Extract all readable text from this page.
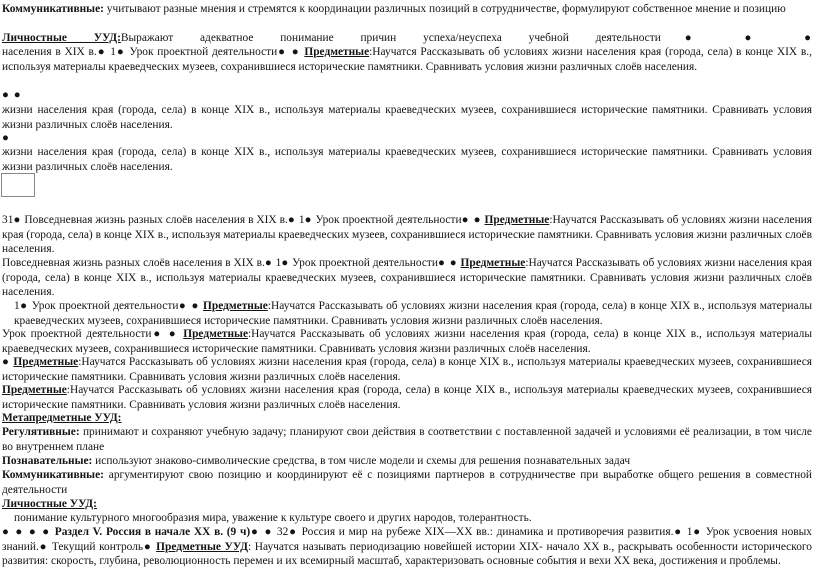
Коммуникативные: учитывают разные мнения и стремятся к координации различных позиций в сотрудничестве, формулируют собственное мнение и позицию

Личностные УУД:Выражают адекватное понимание причин успеха/неуспеха учебной деятельности● ● ●

населения в XIX в.● 1● Урок проектной деятельности● ● Предметные:Научатся Рассказывать об условиях жизни населения края (города, села) в конце XIX в., используя материалы краеведческих музеев, сохранившиеся исторические памятники. Сравнивать условия жизни различных слоёв населения.

● ●

жизни населения края (города, села) в конце XIX в., используя материалы краеведческих музеев, сохранившиеся исторические памятники. Сравнивать условия жизни различных слоёв населения.

●

жизни населения края (города, села) в конце XIX в., используя материалы краеведческих музеев, сохранившиеся исторические памятники. Сравнивать условия жизни различных слоёв населения.

31● Повседневная жизнь разных слоёв населения в XIX в.● 1● Урок проектной деятельности● ● Предметные:Научатся Рассказывать об условиях жизни населения края (города, села) в конце XIX в., используя материалы краеведческих музеев, сохранившиеся исторические памятники. Сравнивать условия жизни различных слоёв населения.

Повседневная жизнь разных слоёв населения в XIX в.● 1● Урок проектной деятельности● ● Предметные:Научатся Рассказывать об условиях жизни населения края (города, села) в конце XIX в., используя материалы краеведческих музеев, сохранившиеся исторические памятники. Сравнивать условия жизни различных слоёв населения.

1● Урок проектной деятельности● ● Предметные:Научатся Рассказывать об условиях жизни населения края (города, села) в конце XIX в., используя материалы краеведческих музеев, сохранившиеся исторические памятники. Сравнивать условия жизни различных слоёв населения.

Урок проектной деятельности● ● Предметные:Научатся Рассказывать об условиях жизни населения края (города, села) в конце XIX в., используя материалы краеведческих музеев, сохранившиеся исторические памятники. Сравнивать условия жизни различных слоёв населения.

● Предметные:Научатся Рассказывать об условиях жизни населения края (города, села) в конце XIX в., используя материалы краеведческих музеев, сохранившиеся исторические памятники. Сравнивать условия жизни различных слоёв населения.

Предметные:Научатся Рассказывать об условиях жизни населения края (города, села) в конце XIX в., используя материалы краеведческих музеев, сохранившиеся исторические памятники. Сравнивать условия жизни различных слоёв населения.

Метапредметные УУД:

Регулятивные: принимают и сохраняют учебную задачу; планируют свои действия в соответствии с поставленной задачей и условиями её реализации, в том числе во внутреннем плане

Познавательные: используют знаково-символические средства, в том числе модели и схемы для решения познавательных задач

Коммуникативные: аргументируют свою позицию и координируют её с позициями партнеров в сотрудничестве при выработке общего решения в совместной деятельности

Личностные УУД:

понимание культурного многообразия мира, уважение к культуре своего и других народов, толерантность.

● ● ● ● Раздел V. Россия в начале XX в. (9 ч)● ● 32● Россия и мир на рубеже XIX—XX вв.: динамика и противоречия развития.● 1● Урок усвоения новых знаний.● Текущий контроль● Предметные УУД: Научатся называть периодизацию новейшей истории XIX- начало XX в., раскрывать особенности исторического развития: скорость, глубина, революционность перемен и их всемирный масштаб, характеризовать основные события и вехи XX века, достижения и проблемы.
